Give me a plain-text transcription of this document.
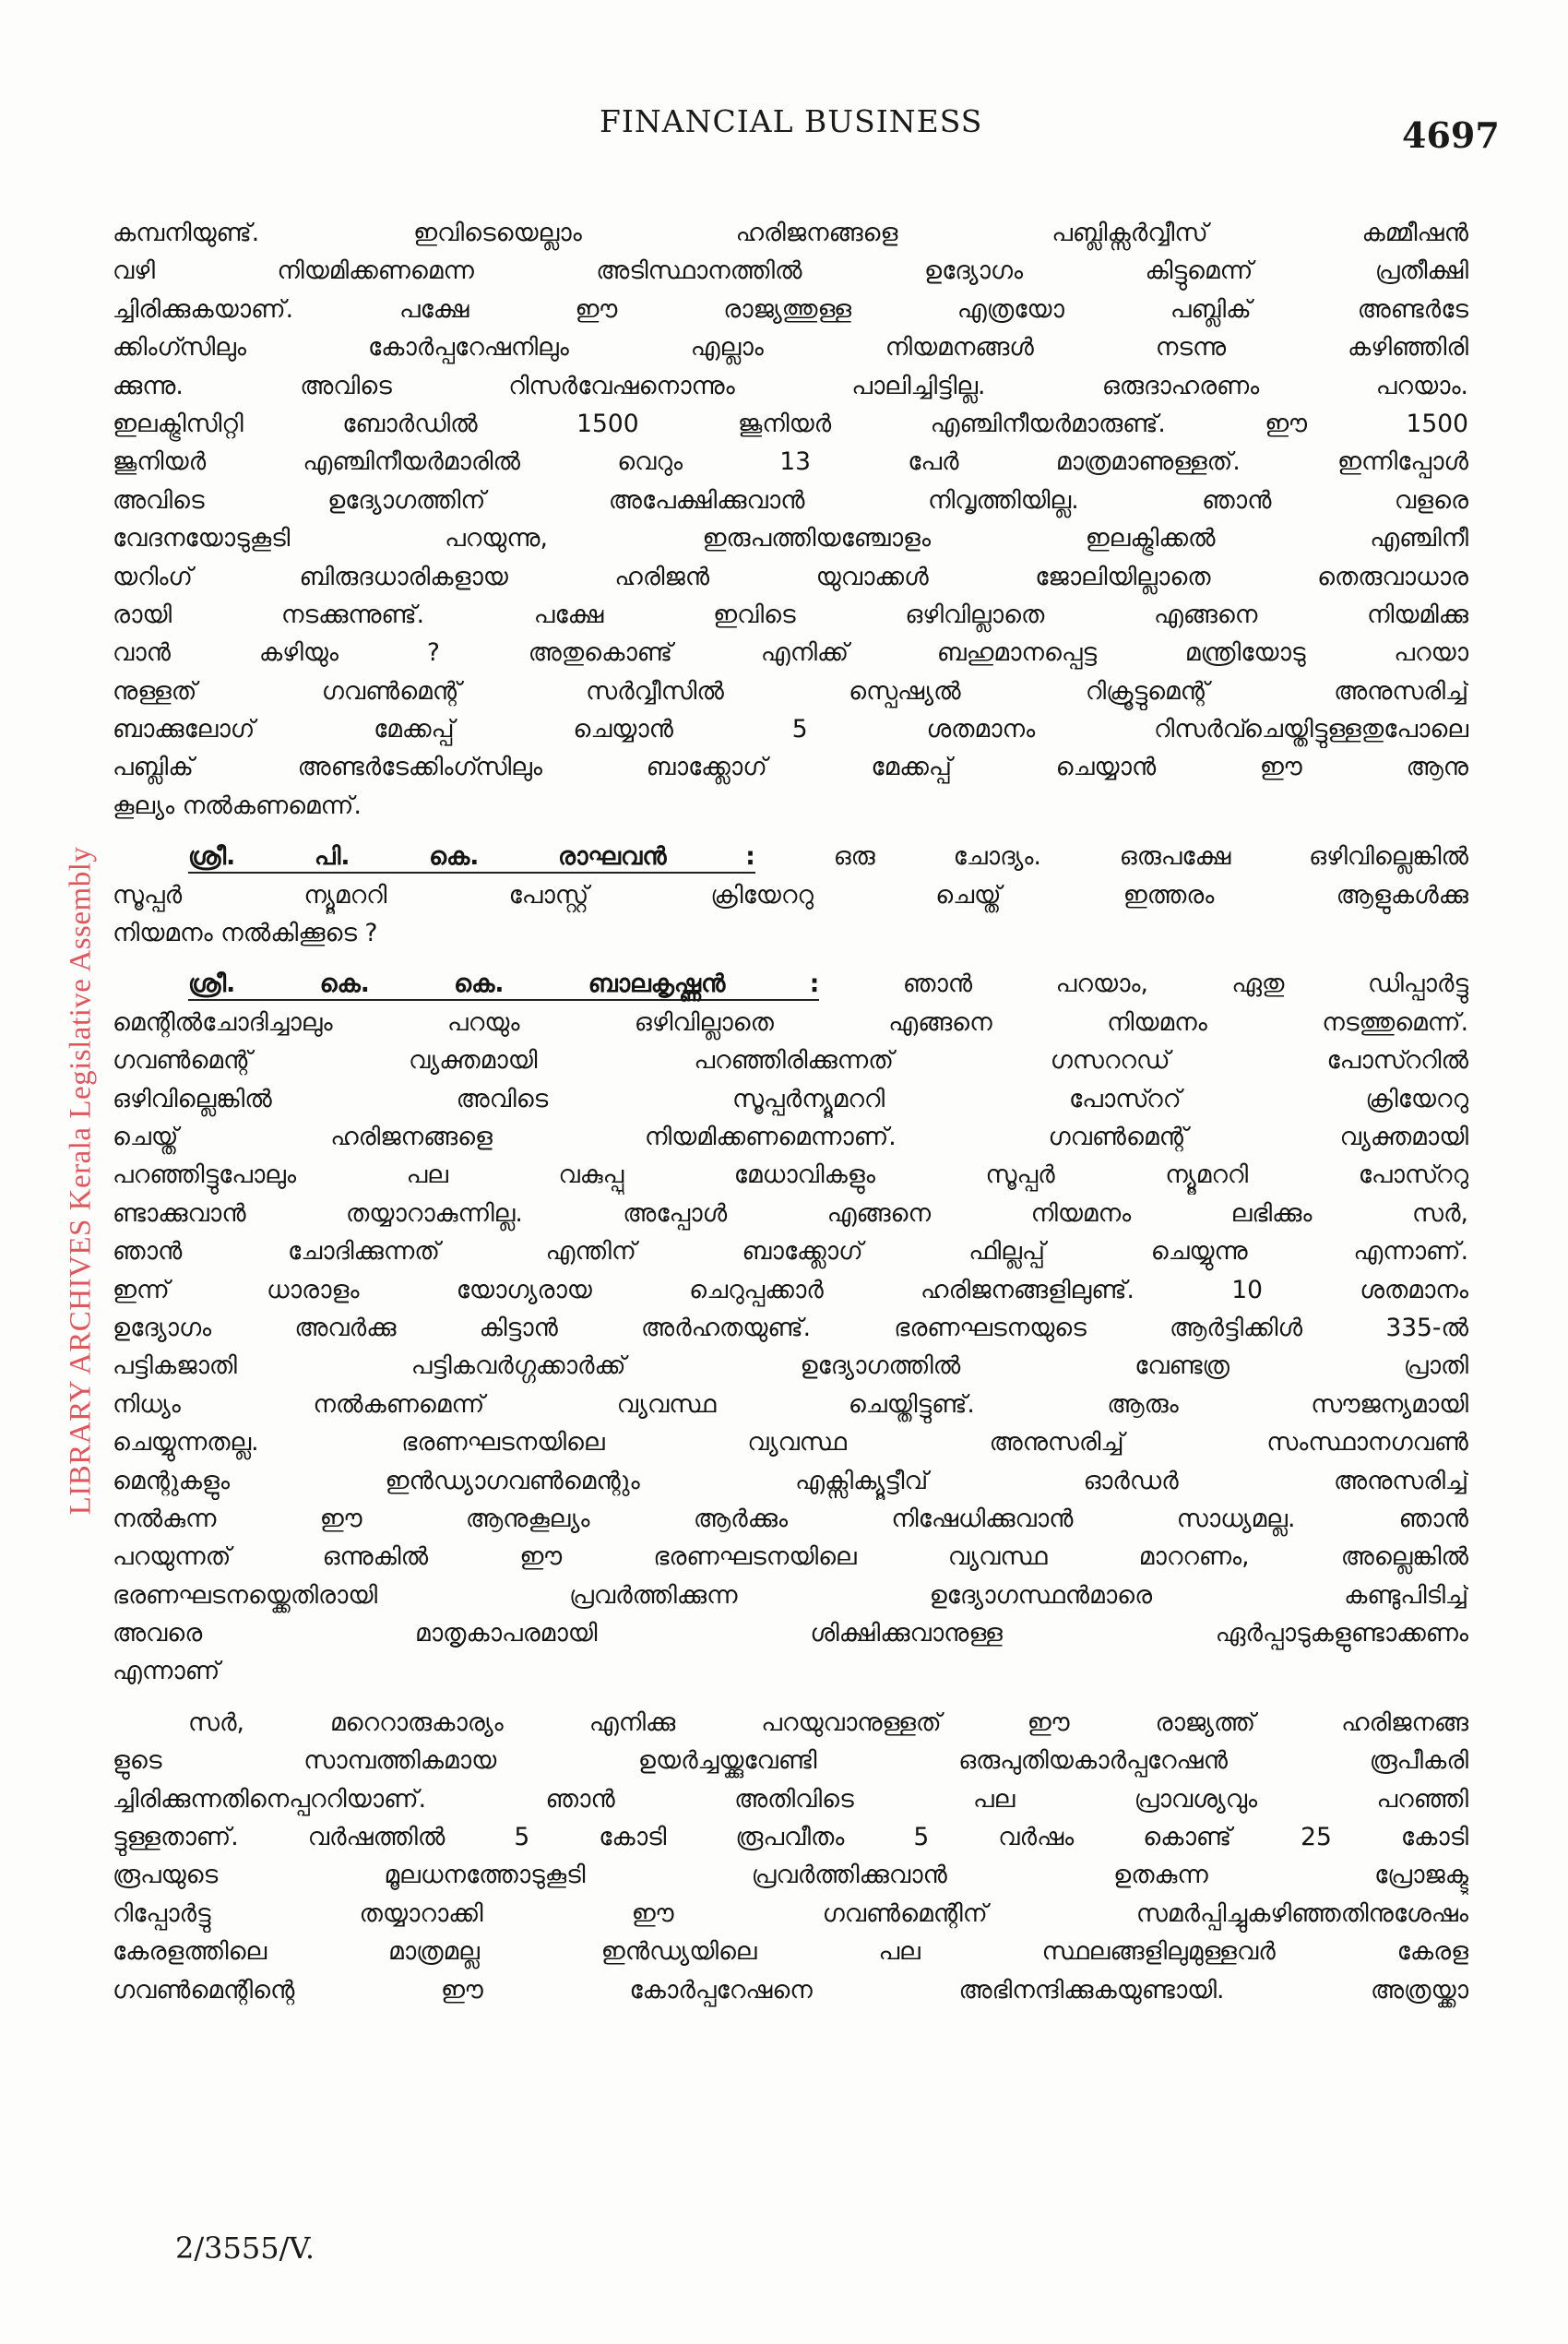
FINANCIAL BUSINESS	4697
LIBRARY ARCHIVES Kerala Legislative Assembly
കമ്പനിയുണ്ട്. ഇവിടെയെല്ലാം ഹരിജനങ്ങളെ പബ്ലിക്സർവ്വീസ് കമ്മീഷൻ
വഴി നിയമിക്കണമെന്ന അടിസ്ഥാനത്തിൽ ഉദ്യോഗം കിട്ടുമെന്ന് പ്രതീക്ഷി
ച്ചിരിക്കുകയാണ്. പക്ഷേ ഈ രാജ്യത്തുള്ള എത്രയോ പബ്ലിക് അണ്ടർടേ
ക്കിംഗ്സിലും കോർപ്പറേഷനിലും എല്ലാം നിയമനങ്ങൾ നടന്നു കഴിഞ്ഞിരി
ക്കുന്നു. അവിടെ റിസർവേഷനൊന്നും പാലിച്ചിട്ടില്ല. ഒരുദാഹരണം പറയാം.
ഇലക്ട്രിസിറ്റി ബോർഡിൽ 1500 ജൂനിയർ എഞ്ചിനീയർമാരുണ്ട്. ഈ 1500
ജൂനിയർ എഞ്ചിനീയർമാരിൽ വെറും 13 പേർ മാത്രമാണുള്ളത്. ഇന്നിപ്പോൾ
അവിടെ ഉദ്യോഗത്തിന് അപേക്ഷിക്കുവാൻ നിവൃത്തിയില്ല. ഞാൻ വളരെ
വേദനയോടുകൂടി പറയുന്നു, ഇരുപത്തിയഞ്ചോളം ഇലക്ട്രിക്കൽ എഞ്ചിനീ
യറിംഗ് ബിരുദധാരികളായ ഹരിജൻ യുവാക്കൾ ജോലിയില്ലാതെ തെരുവാധാര
രായി നടക്കുന്നുണ്ട്. പക്ഷേ ഇവിടെ ഒഴിവില്ലാതെ എങ്ങനെ നിയമിക്കു
വാൻ കഴിയും ? അതുകൊണ്ട് എനിക്ക് ബഹുമാനപ്പെട്ട മന്ത്രിയോടു പറയാ
നുള്ളത് ഗവൺമെന്റ് സർവ്വീസിൽ സ്പെഷ്യൽ റിക്രൂട്ടുമെന്റ് അനുസരിച്ച്
ബാക്കുലോഗ് മേക്കപ്പ് ചെയ്യാൻ 5 ശതമാനം റിസർവ്ചെയ്തിട്ടുള്ളതുപോലെ
പബ്ലിക് അണ്ടർടേക്കിംഗ്സിലും ബാക്ക്ലോഗ് മേക്കപ്പ് ചെയ്യാൻ ഈ ആനു
കൂല്യം നൽകണമെന്ന്.
ശ്രീ. പി. കെ. രാഘവൻ : ഒരു ചോദ്യം. ഒരുപക്ഷേ ഒഴിവില്ലെങ്കിൽ
സൂപ്പർ ന്യൂമററി പോസ്റ്റ് ക്രിയേററു ചെയ്ത് ഇത്തരം ആളുകൾക്കു
നിയമനം നൽകിക്കൂടെ ?
ശ്രീ. കെ. കെ. ബാലകൃഷ്ണൻ : ഞാൻ പറയാം, ഏതു ഡിപ്പാർട്ടു
മെന്റിൽചോദിച്ചാലും പറയും ഒഴിവില്ലാതെ എങ്ങനെ നിയമനം നടത്തുമെന്ന്.
ഗവൺമെന്റ് വ്യക്തമായി പറഞ്ഞിരിക്കുന്നത് ഗസററഡ് പോസ്ററിൽ
ഒഴിവില്ലെങ്കിൽ അവിടെ സൂപ്പർന്യൂമററി പോസ്ററ് ക്രിയേററു
ചെയ്ത് ഹരിജനങ്ങളെ നിയമിക്കണമെന്നാണ്. ഗവൺമെന്റ് വ്യക്തമായി
പറഞ്ഞിട്ടുപോലും പല വകുപ്പു മേധാവികളും സൂപ്പർ ന്യൂമററി പോസ്ററു
ണ്ടാക്കുവാൻ തയ്യാറാകുന്നില്ല. അപ്പോൾ എങ്ങനെ നിയമനം ലഭിക്കും സർ,
ഞാൻ ചോദിക്കുന്നത് എന്തിന് ബാക്ക്ലോഗ് ഫില്ലപ്പ് ചെയ്യുന്നു എന്നാണ്.
ഇന്ന് ധാരാളം യോഗ്യരായ ചെറുപ്പക്കാർ ഹരിജനങ്ങളിലുണ്ട്. 10 ശതമാനം
ഉദ്യോഗം അവർക്കു കിട്ടാൻ അർഹതയുണ്ട്. ഭരണഘടനയുടെ ആർട്ടിക്കിൾ 335-ൽ
പട്ടികജാതി പട്ടികവർഗ്ഗക്കാർക്ക് ഉദ്യോഗത്തിൽ വേണ്ടത്ര പ്രാതി
നിധ്യം നൽകണമെന്ന് വ്യവസ്ഥ ചെയ്തിട്ടുണ്ട്. ആരും സൗജന്യമായി
ചെയ്യുന്നതല്ല. ഭരണഘടനയിലെ വ്യവസ്ഥ അനുസരിച്ച് സംസ്ഥാനഗവൺ
മെന്റുകളും ഇൻഡ്യാഗവൺമെന്റും എക്സിക്യൂട്ടീവ് ഓർഡർ അനുസരിച്ച്
നൽകുന്ന ഈ ആനുകൂല്യം ആർക്കും നിഷേധിക്കുവാൻ സാധ്യമല്ല. ഞാൻ
പറയുന്നത് ഒന്നുകിൽ ഈ ഭരണഘടനയിലെ വ്യവസ്ഥ മാററണം, അല്ലെങ്കിൽ
ഭരണഘടനയ്ക്കെതിരായി പ്രവർത്തിക്കുന്ന ഉദ്യോഗസ്ഥൻമാരെ കണ്ടുപിടിച്ച്
അവരെ മാതൃകാപരമായി ശിക്ഷിക്കുവാനുള്ള ഏർപ്പാടുകളുണ്ടാക്കണം
എന്നാണ്
സർ, മറെറാരുകാര്യം എനിക്കു പറയുവാനുള്ളത് ഈ രാജ്യത്ത് ഹരിജനങ്ങ
ളുടെ സാമ്പത്തികമായ ഉയർച്ചയ്ക്കുവേണ്ടി ഒരുപുതിയകാർപ്പറേഷൻ രൂപീകരി
ച്ചിരിക്കുന്നതിനെപ്പററിയാണ്. ഞാൻ അതിവിടെ പല പ്രാവശ്യവും പറഞ്ഞി
ട്ടുള്ളതാണ്. വർഷത്തിൽ 5 കോടി രൂപവീതം 5 വർഷം കൊണ്ട് 25 കോടി
രൂപയുടെ മൂലധനത്തോടുകൂടി പ്രവർത്തിക്കുവാൻ ഉതകുന്ന പ്രോജക്ടു
റിപ്പോർട്ടു തയ്യാറാക്കി ഈ ഗവൺമെന്റിന് സമർപ്പിച്ചുകഴിഞ്ഞതിനുശേഷം
കേരളത്തിലെ മാത്രമല്ല ഇൻഡ്യയിലെ പല സ്ഥലങ്ങളിലുമുള്ളവർ കേരള
ഗവൺമെന്റിന്റെ ഈ കോർപ്പറേഷനെ അഭിനന്ദിക്കുകയുണ്ടായി. അത്രയ്ക്കാ
2/3555/V.
